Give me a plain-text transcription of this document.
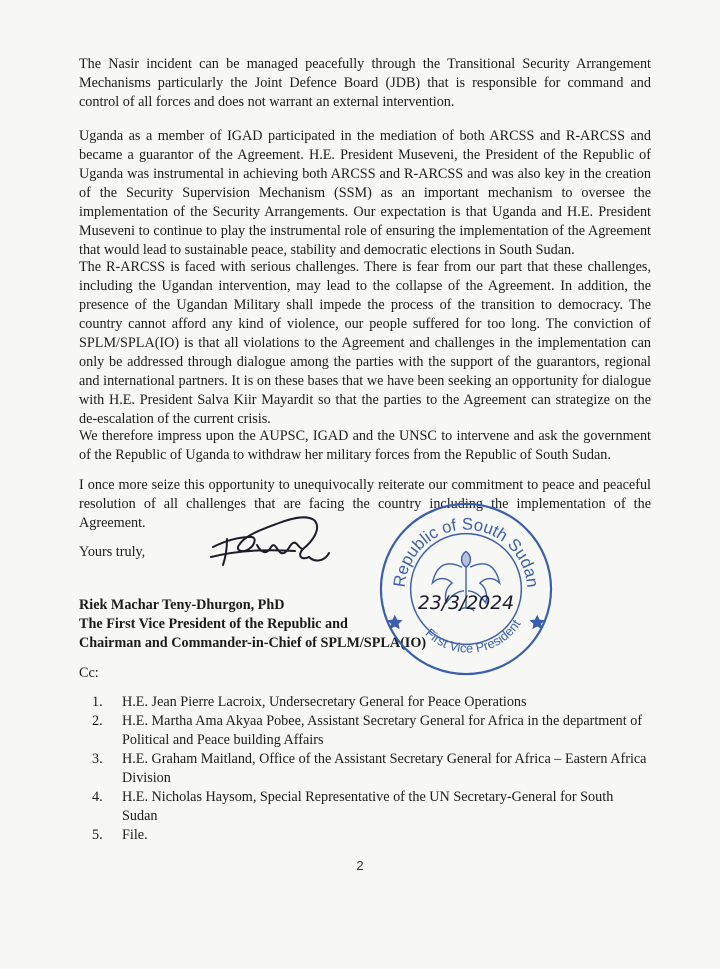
The Nasir incident can be managed peacefully through the Transitional Security Arrangement Mechanisms particularly the Joint Defence Board (JDB) that is responsible for command and control of all forces and does not warrant an external intervention.

Uganda as a member of IGAD participated in the mediation of both ARCSS and R-ARCSS and became a guarantor of the Agreement. H.E. President Museveni, the President of the Republic of Uganda was instrumental in achieving both ARCSS and R-ARCSS and was also key in the creation of the Security Supervision Mechanism (SSM) as an important mechanism to oversee the implementation of the Security Arrangements. Our expectation is that Uganda and H.E. President Museveni to continue to play the instrumental role of ensuring the implementation of the Agreement that would lead to sustainable peace, stability and democratic elections in South Sudan.

The R-ARCSS is faced with serious challenges. There is fear from our part that these challenges, including the Ugandan intervention, may lead to the collapse of the Agreement. In addition, the presence of the Ugandan Military shall impede the process of the transition to democracy. The country cannot afford any kind of violence, our people suffered for too long. The conviction of SPLM/SPLA(IO) is that all violations to the Agreement and challenges in the implementation can only be addressed through dialogue among the parties with the support of the guarantors, regional and international partners. It is on these bases that we have been seeking an opportunity for dialogue with H.E. President Salva Kiir Mayardit so that the parties to the Agreement can strategize on the de-escalation of the current crisis.

We therefore impress upon the AUPSC, IGAD and the UNSC to intervene and ask the government of the Republic of Uganda to withdraw her military forces from the Republic of South Sudan.

I once more seize this opportunity to unequivocally reiterate our commitment to peace and peaceful resolution of all challenges that are facing the country including the implementation of the Agreement.

Yours truly,

Riek Machar Teny-Dhurgon, PhD
The First Vice President of the Republic and
Chairman and Commander-in-Chief of SPLM/SPLA(IO)
Republic of South Sudan
First Vice President
23/3/2024

Cc:

1. H.E. Jean Pierre Lacroix, Undersecretary General for Peace Operations
2. H.E. Martha Ama Akyaa Pobee, Assistant Secretary General for Africa in the department of Political and Peace building Affairs
3. H.E. Graham Maitland, Office of the Assistant Secretary General for Africa – Eastern Africa Division
4. H.E. Nicholas Haysom, Special Representative of the UN Secretary-General for South Sudan
5. File.
2
